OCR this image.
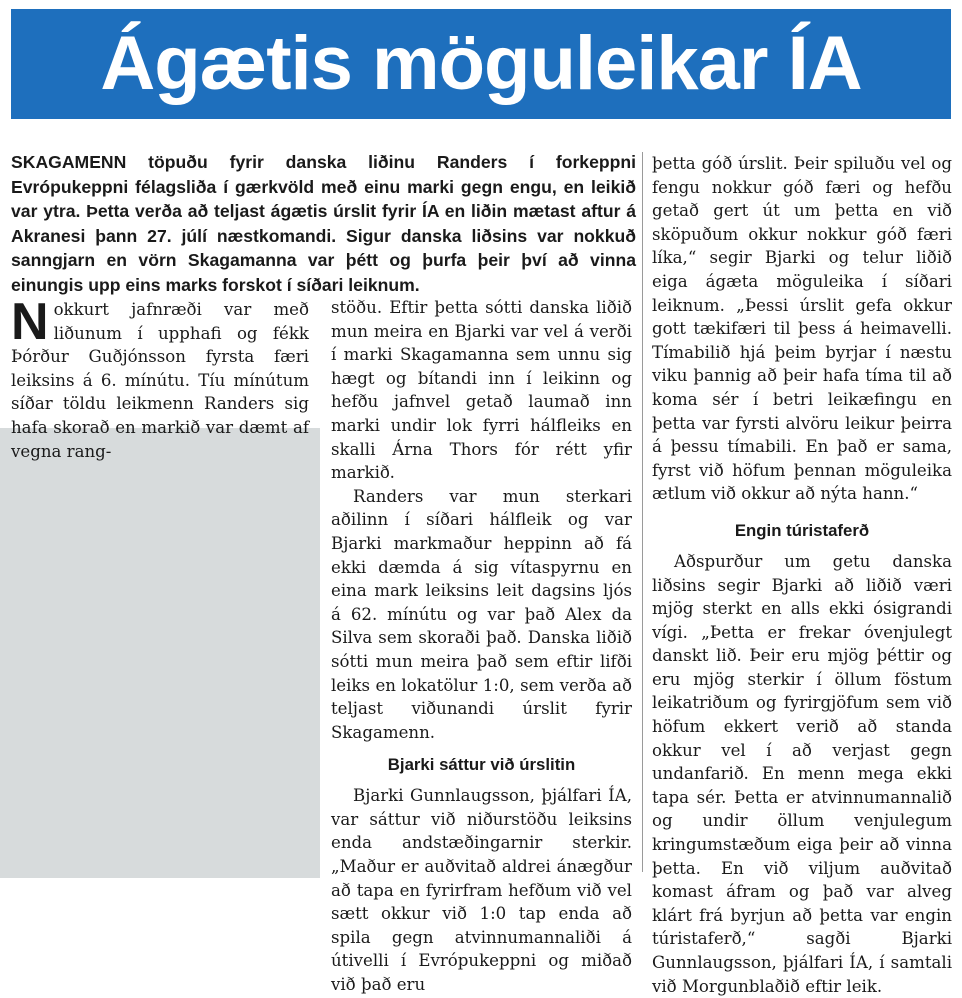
Ágætis möguleikar ÍA

SKAGAMENN töpuðu fyrir danska liðinu Randers í forkeppni Evrópukeppni félagsliða í gærkvöld með einu marki gegn engu, en leikið var ytra. Þetta verða að teljast ágætis úrslit fyrir ÍA en liðin mætast aftur á Akranesi þann 27. júlí næstkomandi. Sigur danska liðsins var nokkuð sanngjarn en vörn Skagamanna var þétt og þurfa þeir því að vinna einungis upp eins marks forskot í síðari leiknum.

Nokkurt jafnræði var með liðunum í upphafi og fékk Þórður Guðjónsson fyrsta færi leiksins á 6. mínútu. Tíu mínútum síðar töldu leikmenn Randers sig hafa skorað en markið var dæmt af vegna rang-

stöðu. Eftir þetta sótti danska liðið mun meira en Bjarki var vel á verði í marki Skagamanna sem unnu sig hægt og bítandi inn í leikinn og hefðu jafnvel getað laumað inn marki undir lok fyrri hálfleiks en skalli Árna Thors fór rétt yfir markið.

Randers var mun sterkari aðilinn í síðari hálfleik og var Bjarki markmaður heppinn að fá ekki dæmda á sig vítaspyrnu en eina mark leiksins leit dagsins ljós á 62. mínútu og var það Alex da Silva sem skoraði það. Danska liðið sótti mun meira það sem eftir lifði leiks en lokatölur 1:0, sem verða að teljast viðunandi úrslit fyrir Skagamenn.

Bjarki sáttur við úrslitin

Bjarki Gunnlaugsson, þjálfari ÍA, var sáttur við niðurstöðu leiksins enda andstæðingarnir sterkir. „Maður er auðvitað aldrei ánægður að tapa en fyrirfram hefðum við vel sætt okkur við 1:0 tap enda að spila gegn atvinnumannaliði á útivelli í Evrópukeppni og miðað við það eru

þetta góð úrslit. Þeir spiluðu vel og fengu nokkur góð færi og hefðu getað gert út um þetta en við sköpuðum okkur nokkur góð færi líka,“ segir Bjarki og telur liðið eiga ágæta möguleika í síðari leiknum. „Þessi úrslit gefa okkur gott tækifæri til þess á heimavelli. Tímabilið hjá þeim byrjar í næstu viku þannig að þeir hafa tíma til að koma sér í betri leikæfingu en þetta var fyrsti alvöru leikur þeirra á þessu tímabili. En það er sama, fyrst við höfum þennan möguleika ætlum við okkur að nýta hann.“

Engin túristaferð

Aðspurður um getu danska liðsins segir Bjarki að liðið væri mjög sterkt en alls ekki ósigrandi vígi. „Þetta er frekar óvenjulegt danskt lið. Þeir eru mjög þéttir og eru mjög sterkir í öllum föstum leikatriðum og fyrirgjöfum sem við höfum ekkert verið að standa okkur vel í að verjast gegn undanfarið. En menn mega ekki tapa sér. Þetta er atvinnumannalið og undir öllum venjulegum kringumstæðum eiga þeir að vinna þetta. En við viljum auðvitað komast áfram og það var alveg klárt frá byrjun að þetta var engin túristaferð,“ sagði Bjarki Gunnlaugsson, þjálfari ÍA, í samtali við Morgunblaðið eftir leik.
